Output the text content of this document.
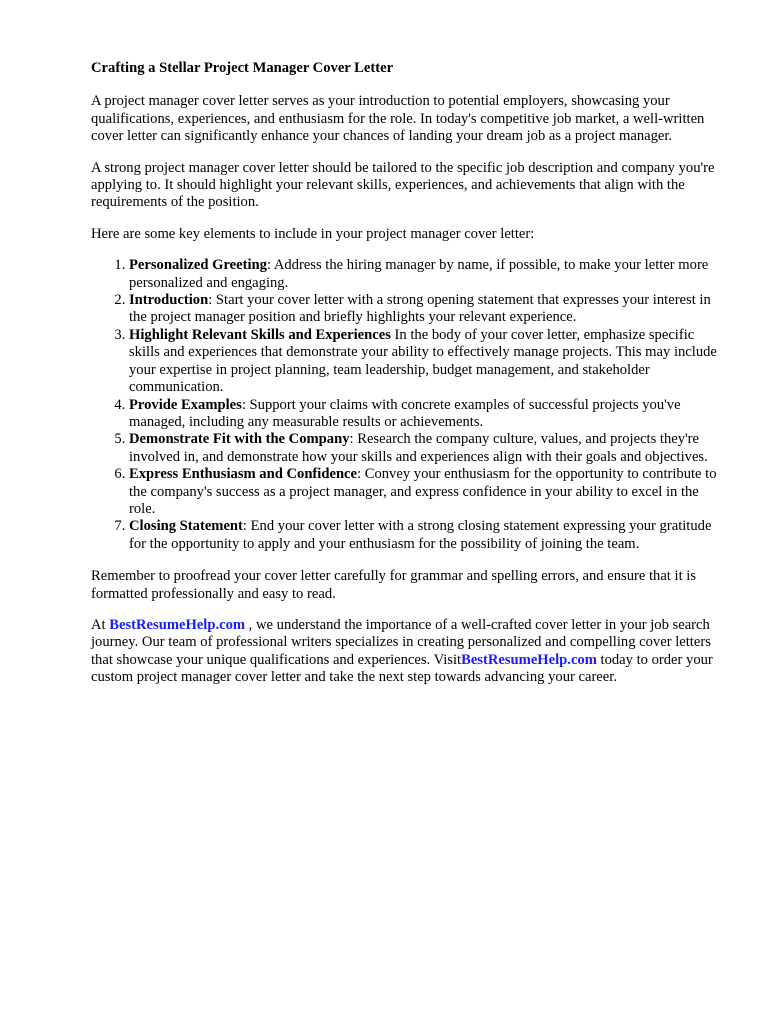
Crafting a Stellar Project Manager Cover Letter

A project manager cover letter serves as your introduction to potential employers, showcasing your qualifications, experiences, and enthusiasm for the role. In today's competitive job market, a well-written cover letter can significantly enhance your chances of landing your dream job as a project manager.

A strong project manager cover letter should be tailored to the specific job description and company you're applying to. It should highlight your relevant skills, experiences, and achievements that align with the requirements of the position.

Here are some key elements to include in your project manager cover letter:

1. Personalized Greeting: Address the hiring manager by name, if possible, to make your letter more personalized and engaging.
2. Introduction: Start your cover letter with a strong opening statement that expresses your interest in the project manager position and briefly highlights your relevant experience.
3. Highlight Relevant Skills and Experiences In the body of your cover letter, emphasize specific skills and experiences that demonstrate your ability to effectively manage projects. This may include your expertise in project planning, team leadership, budget management, and stakeholder communication.
4. Provide Examples: Support your claims with concrete examples of successful projects you've managed, including any measurable results or achievements.
5. Demonstrate Fit with the Company: Research the company culture, values, and projects they're involved in, and demonstrate how your skills and experiences align with their goals and objectives.
6. Express Enthusiasm and Confidence: Convey your enthusiasm for the opportunity to contribute to the company's success as a project manager, and express confidence in your ability to excel in the role.
7. Closing Statement: End your cover letter with a strong closing statement expressing your gratitude for the opportunity to apply and your enthusiasm for the possibility of joining the team.

Remember to proofread your cover letter carefully for grammar and spelling errors, and ensure that it is formatted professionally and easy to read.

At BestResumeHelp.com , we understand the importance of a well-crafted cover letter in your job search journey. Our team of professional writers specializes in creating personalized and compelling cover letters that showcase your unique qualifications and experiences. VisitBestResumeHelp.com today to order your custom project manager cover letter and take the next step towards advancing your career.
